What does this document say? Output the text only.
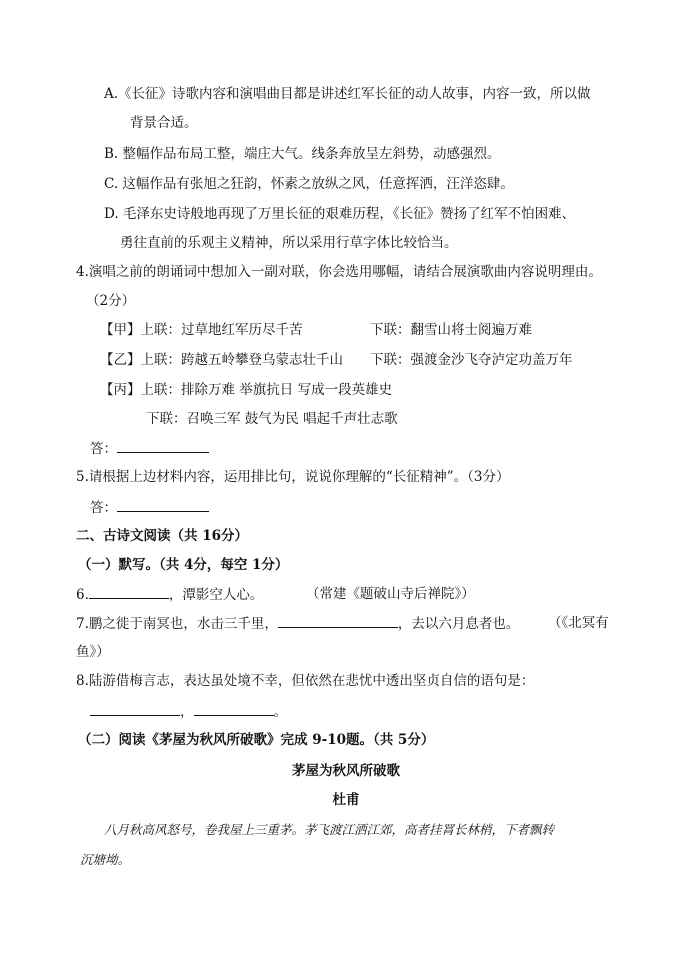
A.《长征》诗歌内容和演唱曲目都是讲述红军长征的动人故事，内容一致，所以做
背景合适。
B. 整幅作品布局工整，端庄大气。线条奔放呈左斜势，动感强烈。
C. 这幅作品有张旭之狂韵，怀素之放纵之风，任意挥洒，汪洋恣肆。
D. 毛泽东史诗般地再现了万里长征的艰难历程，《长征》赞扬了红军不怕困难、
勇往直前的乐观主义精神，所以采用行草字体比较恰当。
4.演唱之前的朗诵词中想加入一副对联，你会选用哪幅，请结合展演歌曲内容说明理由。
（2分）
【甲】上联：过草地红军历尽千苦	下联：翻雪山将士阅遍万难
【乙】上联：跨越五岭攀登乌蒙志壮千山 下联：强渡金沙飞夺泸定功盖万年
【丙】上联：排除万难 举旗抗日 写成一段英雄史
下联：召唤三军 鼓气为民 唱起千声壮志歌
答：
5.请根据上边材料内容，运用排比句，说说你理解的“长征精神”。（3分）
答：
二、古诗文阅读（共 16分）
（一）默写。（共 4分，每空 1分）
6.	，潭影空人心。	（常建《题破山寺后禅院》）
7.鹏之徙于南冥也，水击三千里，	，去以六月息者也。 （《北冥有
鱼》）
8.陆游借梅言志，表达虽处境不幸，但依然在悲忧中透出坚贞自信的语句是：
，	。
（二）阅读《茅屋为秋风所破歌》完成 9-10题。（共 5分）
茅屋为秋风所破歌
杜甫
八月秋高风怒号，卷我屋上三重茅。茅飞渡江洒江郊，高者挂罥长林梢，下者飘转
沉塘坳。
